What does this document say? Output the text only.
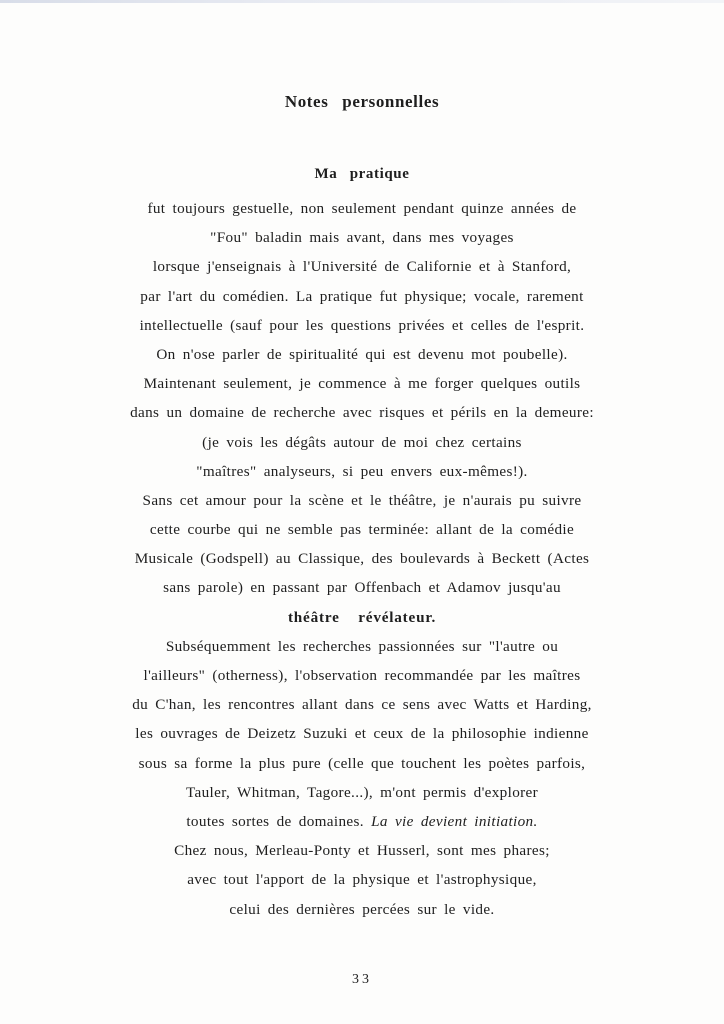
Notes personnelles
Ma pratique
fut toujours gestuelle, non seulement pendant quinze années de
"Fou" baladin mais avant, dans mes voyages
lorsque j'enseignais à l'Université de Californie et à Stanford,
par l'art du comédien. La pratique fut physique; vocale, rarement
intellectuelle (sauf pour les questions privées et celles de l'esprit.
On n'ose parler de spiritualité qui est devenu mot poubelle).
Maintenant seulement, je commence à me forger quelques outils
dans un domaine de recherche avec risques et périls en la demeure:
(je vois les dégâts autour de moi chez certains
"maîtres" analyseurs, si peu envers eux-mêmes!).
Sans cet amour pour la scène et le théâtre, je n'aurais pu suivre
cette courbe qui ne semble pas terminée: allant de la comédie
Musicale (Godspell) au Classique, des boulevards à Beckett (Actes
sans parole) en passant par Offenbach et Adamov jusqu'au
théâtre révélateur.
Subséquemment les recherches passionnées sur "l'autre ou
l'ailleurs" (otherness), l'observation recommandée par les maîtres
du C'han, les rencontres allant dans ce sens avec Watts et Harding,
les ouvrages de Deizetz Suzuki et ceux de la philosophie indienne
sous sa forme la plus pure (celle que touchent les poètes parfois,
Tauler, Whitman, Tagore...), m'ont permis d'explorer
toutes sortes de domaines. La vie devient initiation.
Chez nous, Merleau-Ponty et Husserl, sont mes phares;
avec tout l'apport de la physique et l'astrophysique,
celui des dernières percées sur le vide.
33
